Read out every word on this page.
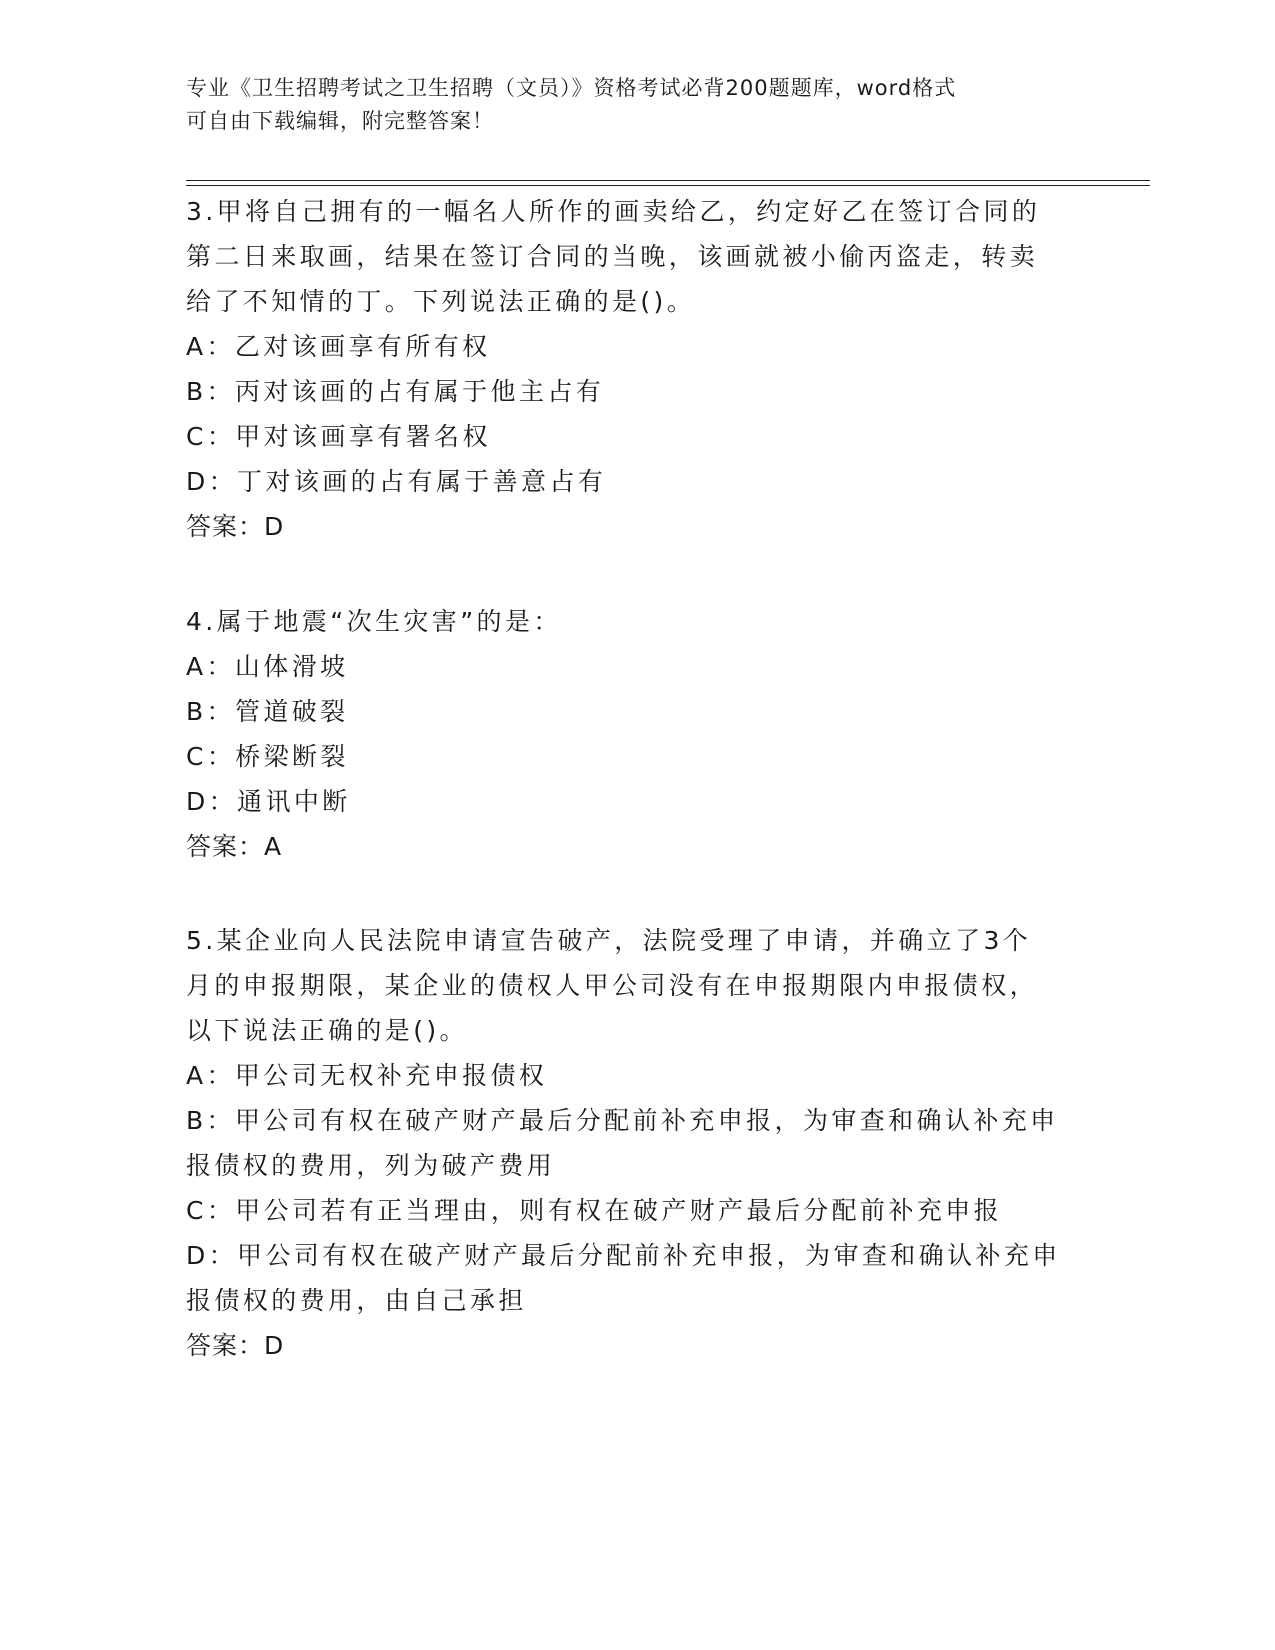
专业《卫生招聘考试之卫生招聘（文员）》资格考试必背200题题库，word格式
可自由下载编辑，附完整答案！

3.甲将自己拥有的一幅名人所作的画卖给乙，约定好乙在签订合同的

第二日来取画，结果在签订合同的当晚，该画就被小偷丙盗走，转卖

给了不知情的丁。下列说法正确的是()。

A：乙对该画享有所有权

B：丙对该画的占有属于他主占有

C：甲对该画享有署名权

D：丁对该画的占有属于善意占有

答案：D

4.属于地震“次生灾害”的是：

A：山体滑坡

B：管道破裂

C：桥梁断裂

D：通讯中断

答案：A

5.某企业向人民法院申请宣告破产，法院受理了申请，并确立了3个

月的申报期限，某企业的债权人甲公司没有在申报期限内申报债权，

以下说法正确的是()。

A：甲公司无权补充申报债权

B：甲公司有权在破产财产最后分配前补充申报，为审查和确认补充申

报债权的费用，列为破产费用

C：甲公司若有正当理由，则有权在破产财产最后分配前补充申报

D：甲公司有权在破产财产最后分配前补充申报，为审查和确认补充申

报债权的费用，由自己承担

答案：D
